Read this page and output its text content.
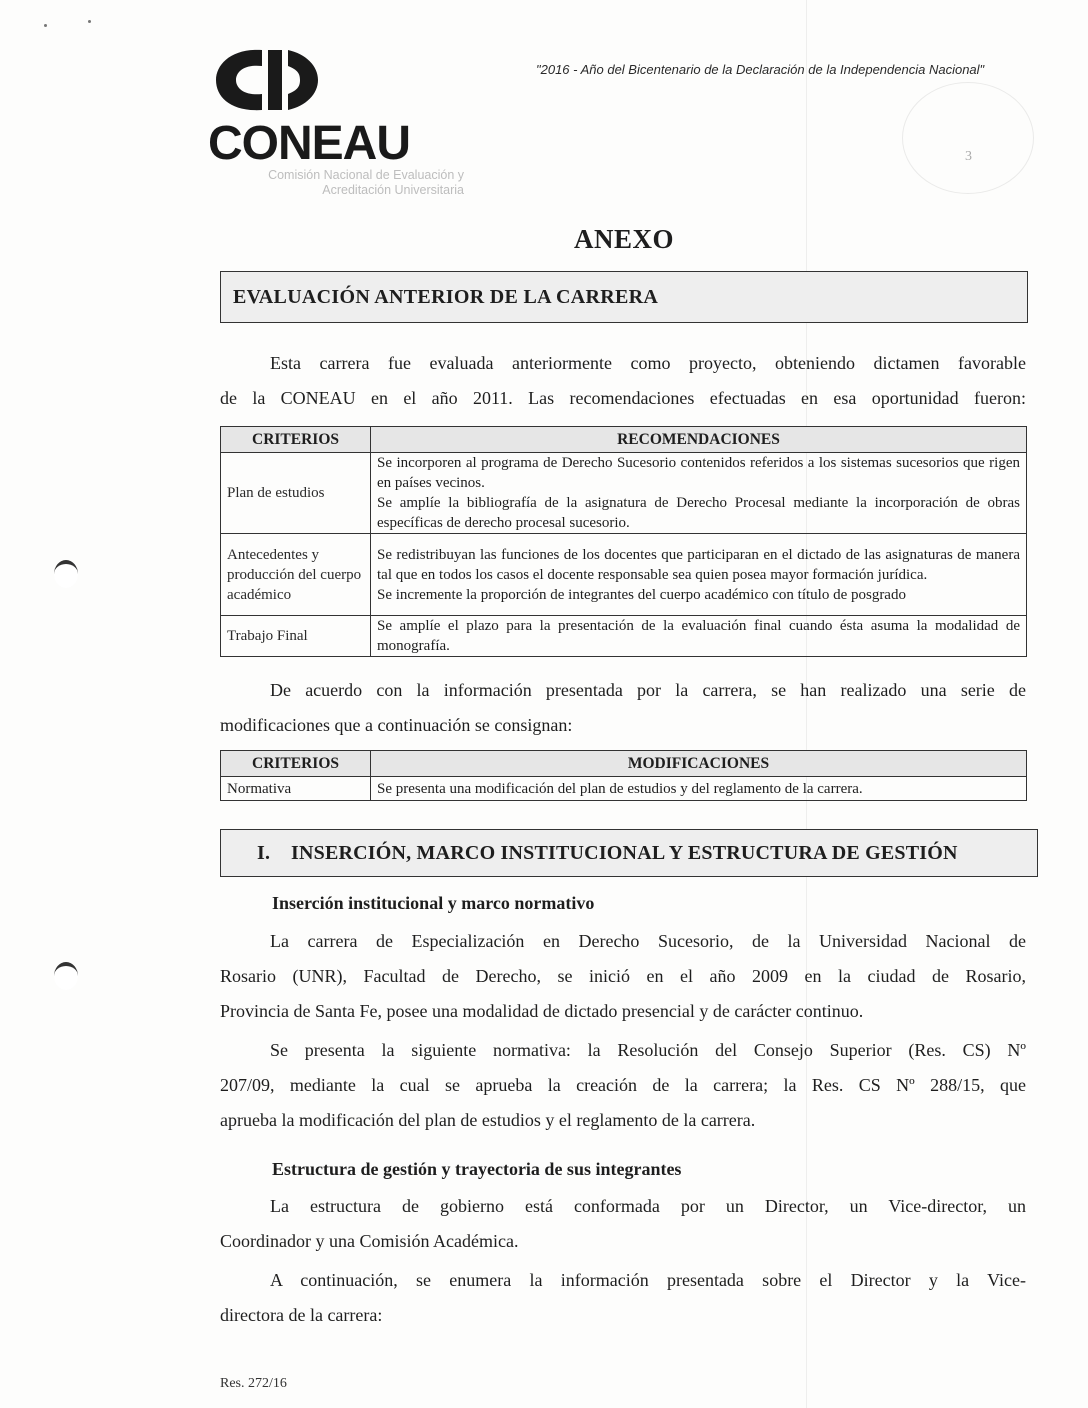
CONEAU
Comisión Nacional de Evaluación y
Acreditación Universitaria
"2016 - Año del Bicentenario de la Declaración de la Independencia Nacional"
3
ANEXO
EVALUACIÓN ANTERIOR DE LA CARRERA
Esta carrera fue evaluada anteriormente como proyecto, obteniendo dictamen favorable
de la CONEAU en el año 2011. Las recomendaciones efectuadas en esa oportunidad fueron:
CRITERIOS	RECOMENDACIONES
Plan de estudios	Se incorporen al programa de Derecho Sucesorio contenidos referidos a los sistemas sucesorios que rigen en países vecinos.
Se amplíe la bibliografía de la asignatura de Derecho Procesal mediante la incorporación de obras específicas de derecho procesal sucesorio.

Antecedentes y producción del cuerpo académico	Se redistribuyan las funciones de los docentes que participaran en el dictado de las asignaturas de manera tal que en todos los casos el docente responsable sea quien posea mayor formación jurídica.
Se incremente la proporción de integrantes del cuerpo académico con título de posgrado

Trabajo Final	Se amplíe el plazo para la presentación de la evaluación final cuando ésta asuma la modalidad de monografía.
De acuerdo con la información presentada por la carrera, se han realizado una serie de
modificaciones que a continuación se consignan:
CRITERIOS	MODIFICACIONES
Normativa	Se presenta una modificación del plan de estudios y del reglamento de la carrera.
I. INSERCIÓN, MARCO INSTITUCIONAL Y ESTRUCTURA DE GESTIÓN
Inserción institucional y marco normativo
La carrera de Especialización en Derecho Sucesorio, de la Universidad Nacional de
Rosario (UNR), Facultad de Derecho, se inició en el año 2009 en la ciudad de Rosario,
Provincia de Santa Fe, posee una modalidad de dictado presencial y de carácter continuo.
Se presenta la siguiente normativa: la Resolución del Consejo Superior (Res. CS) Nº
207/09, mediante la cual se aprueba la creación de la carrera; la Res. CS Nº 288/15, que
aprueba la modificación del plan de estudios y el reglamento de la carrera.
Estructura de gestión y trayectoria de sus integrantes
La estructura de gobierno está conformada por un Director, un Vice-director, un
Coordinador y una Comisión Académica.
A continuación, se enumera la información presentada sobre el Director y la Vice-
directora de la carrera:
Res. 272/16
